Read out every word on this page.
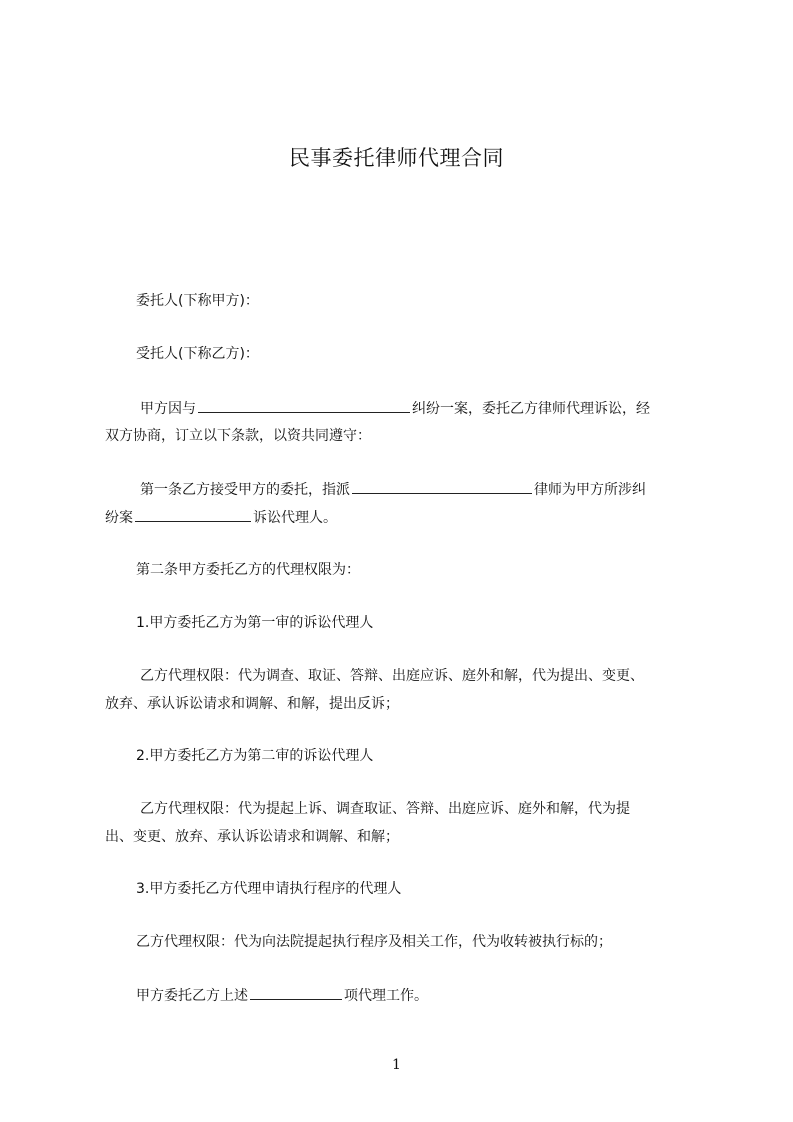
民事委托律师代理合同
委托人(下称甲方)：
受托人(下称乙方)：
甲方因与	纠纷一案，委托乙方律师代理诉讼，经
双方协商，订立以下条款，以资共同遵守：
第一条乙方接受甲方的委托，指派	律师为甲方所涉纠
纷案	诉讼代理人。
第二条甲方委托乙方的代理权限为：
1.甲方委托乙方为第一审的诉讼代理人
乙方代理权限：代为调查、取证、答辩、出庭应诉、庭外和解，代为提出、变更、
放弃、承认诉讼请求和调解、和解，提出反诉；
2.甲方委托乙方为第二审的诉讼代理人
乙方代理权限：代为提起上诉、调查取证、答辩、出庭应诉、庭外和解，代为提
出、变更、放弃、承认诉讼请求和调解、和解；
3.甲方委托乙方代理申请执行程序的代理人
乙方代理权限：代为向法院提起执行程序及相关工作，代为收转被执行标的；
甲方委托乙方上述	项代理工作。
1
